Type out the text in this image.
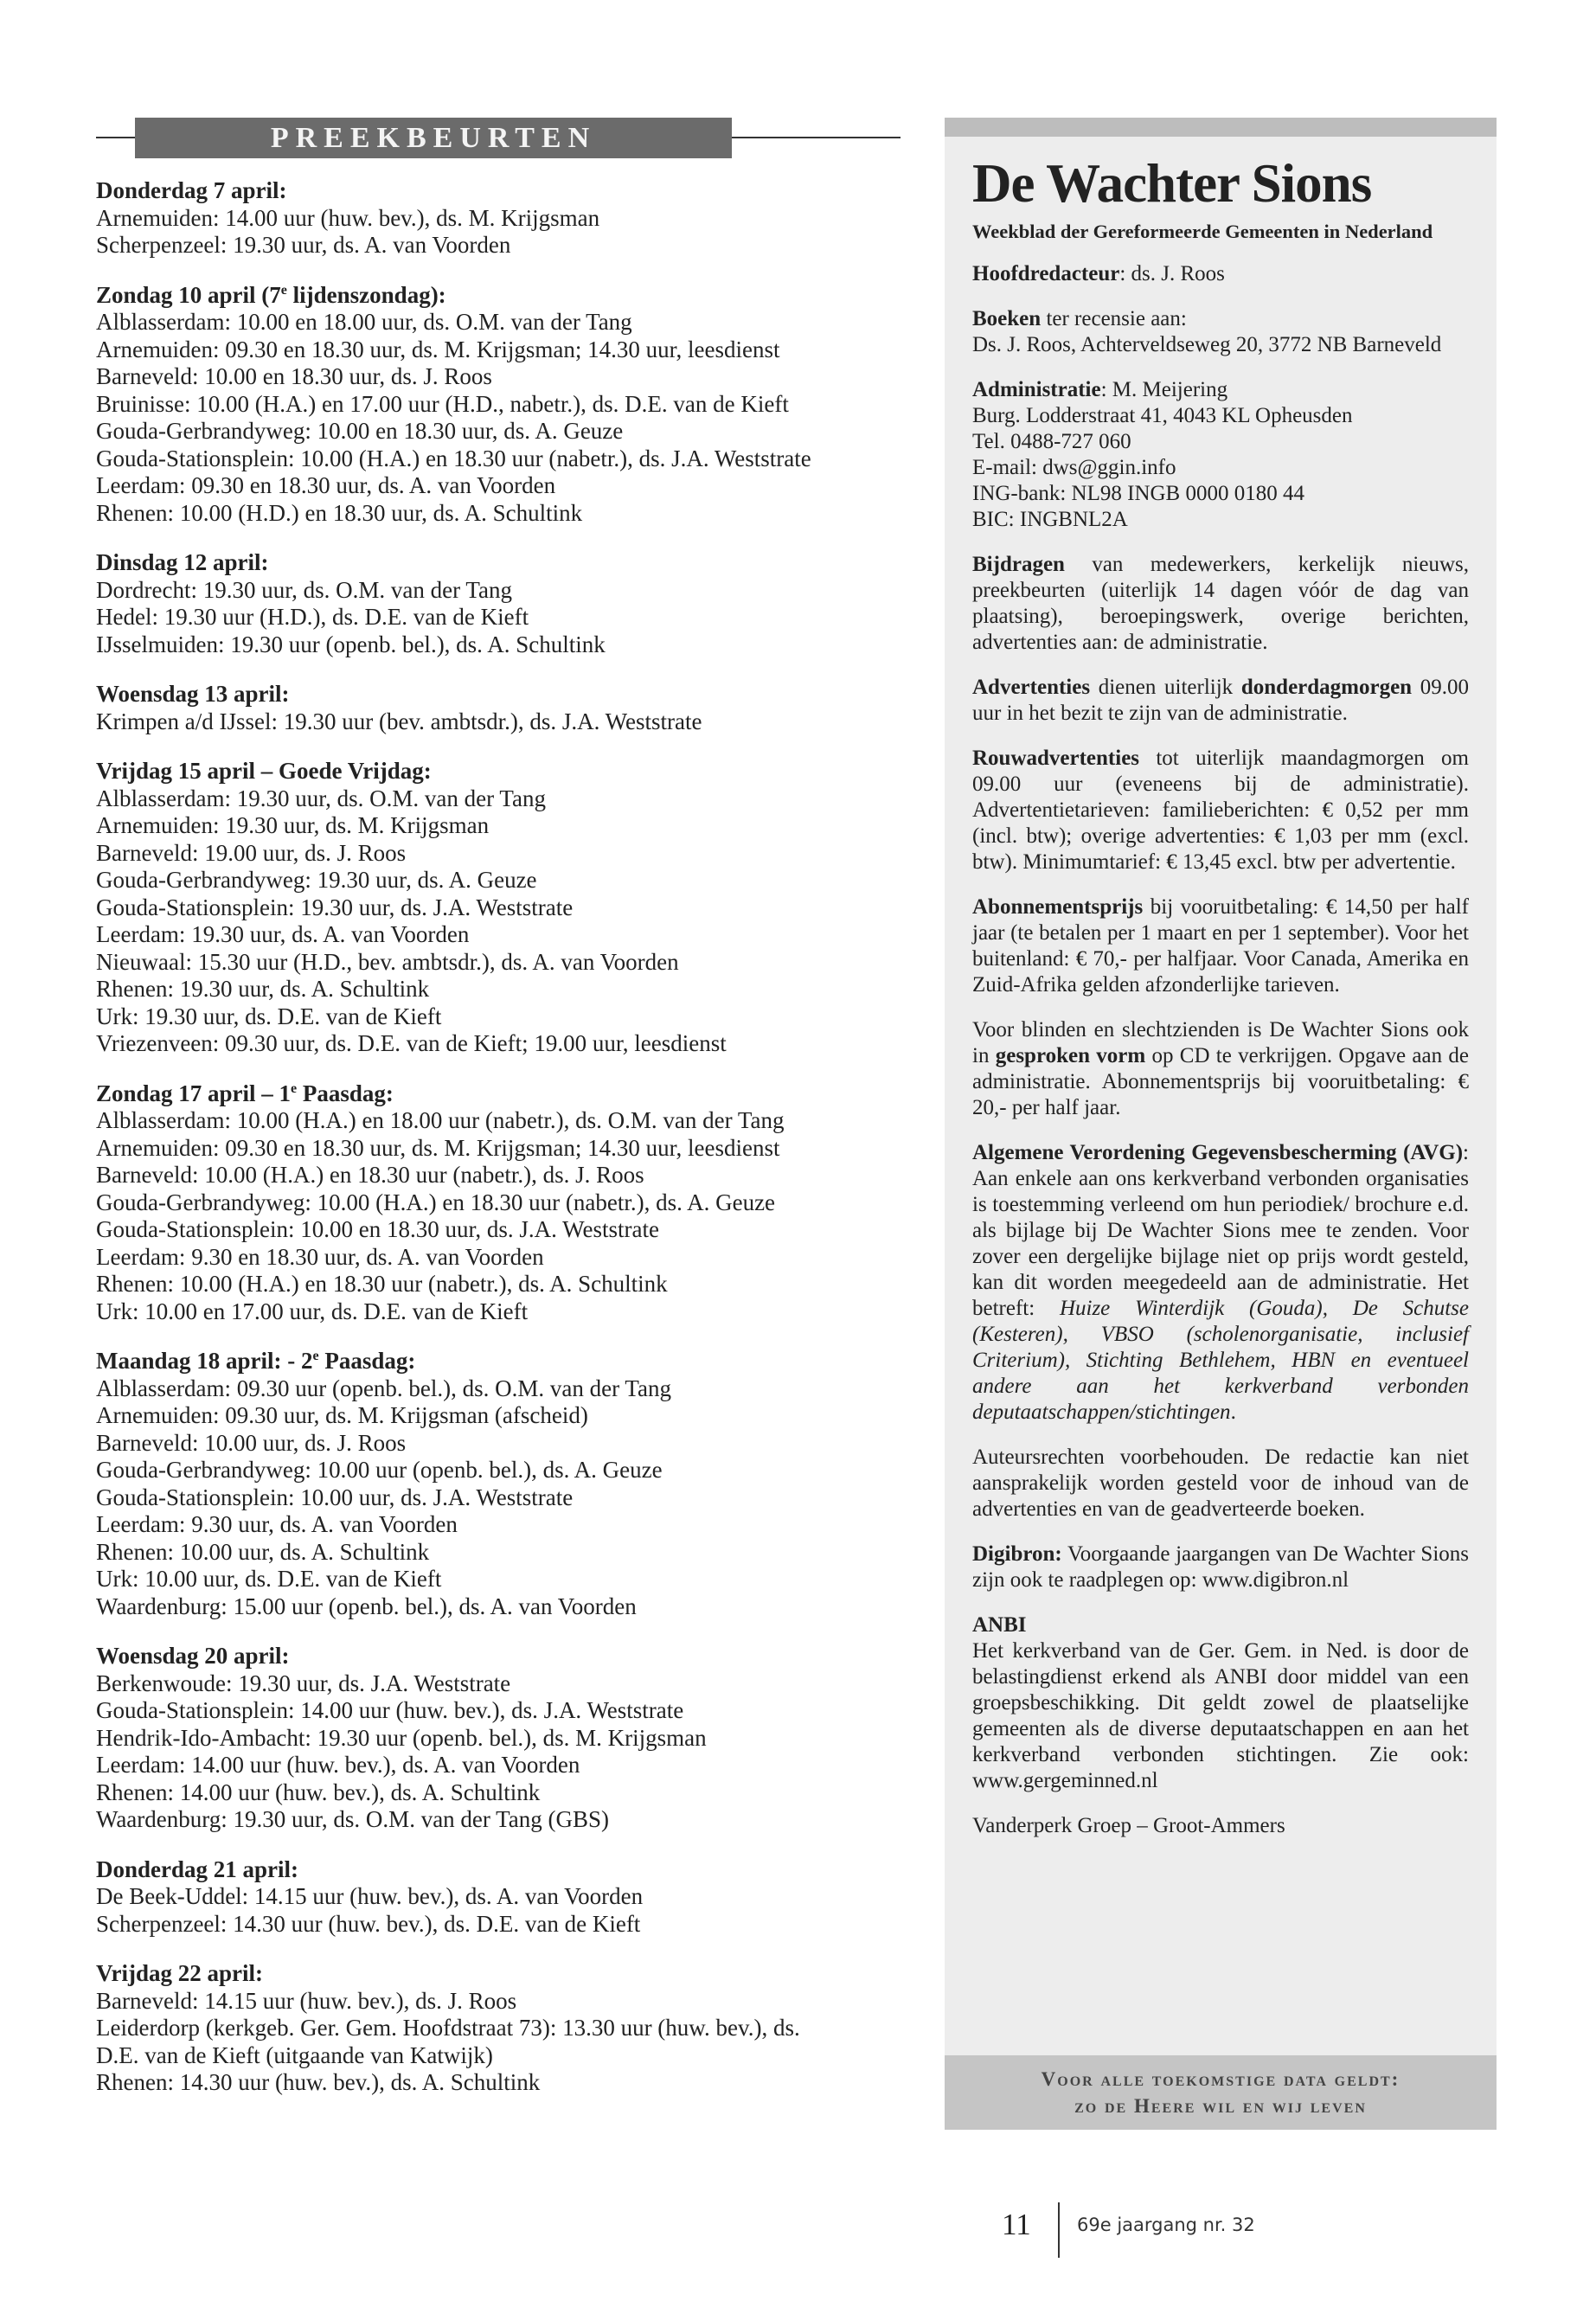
PREEKBEURTEN
Donderdag 7 april:
Arnemuiden: 14.00 uur (huw. bev.), ds. M. Krijgsman
Scherpenzeel: 19.30 uur, ds. A. van Voorden
Zondag 10 april (7e lijdenszondag):
Alblasserdam: 10.00 en 18.00 uur, ds. O.M. van der Tang
Arnemuiden: 09.30 en 18.30 uur, ds. M. Krijgsman; 14.30 uur, leesdienst
Barneveld: 10.00 en 18.30 uur, ds. J. Roos
Bruinisse: 10.00 (H.A.) en 17.00 uur (H.D., nabetr.), ds. D.E. van de Kieft
Gouda-Gerbrandyweg: 10.00 en 18.30 uur, ds. A. Geuze
Gouda-Stationsplein: 10.00 (H.A.) en 18.30 uur (nabetr.), ds. J.A. Weststrate
Leerdam: 09.30 en 18.30 uur, ds. A. van Voorden
Rhenen: 10.00 (H.D.) en 18.30 uur, ds. A. Schultink
Dinsdag 12 april:
Dordrecht: 19.30 uur, ds. O.M. van der Tang
Hedel: 19.30 uur (H.D.), ds. D.E. van de Kieft
IJsselmuiden: 19.30 uur (openb. bel.), ds. A. Schultink
Woensdag 13 april:
Krimpen a/d IJssel: 19.30 uur (bev. ambtsdr.), ds. J.A. Weststrate
Vrijdag 15 april – Goede Vrijdag:
Alblasserdam: 19.30 uur, ds. O.M. van der Tang
Arnemuiden: 19.30 uur, ds. M. Krijgsman
Barneveld: 19.00 uur, ds. J. Roos
Gouda-Gerbrandyweg: 19.30 uur, ds. A. Geuze
Gouda-Stationsplein: 19.30 uur, ds. J.A. Weststrate
Leerdam: 19.30 uur, ds. A. van Voorden
Nieuwaal: 15.30 uur (H.D., bev. ambtsdr.), ds. A. van Voorden
Rhenen: 19.30 uur, ds. A. Schultink
Urk: 19.30 uur, ds. D.E. van de Kieft
Vriezenveen: 09.30 uur, ds. D.E. van de Kieft; 19.00 uur, leesdienst
Zondag 17 april – 1e Paasdag:
Alblasserdam: 10.00 (H.A.) en 18.00 uur (nabetr.), ds. O.M. van der Tang
Arnemuiden: 09.30 en 18.30 uur, ds. M. Krijgsman; 14.30 uur, leesdienst
Barneveld: 10.00 (H.A.) en 18.30 uur (nabetr.), ds. J. Roos
Gouda-Gerbrandyweg: 10.00 (H.A.) en 18.30 uur (nabetr.), ds. A. Geuze
Gouda-Stationsplein: 10.00 en 18.30 uur, ds. J.A. Weststrate
Leerdam: 9.30 en 18.30 uur, ds. A. van Voorden
Rhenen: 10.00 (H.A.) en 18.30 uur (nabetr.), ds. A. Schultink
Urk: 10.00 en 17.00 uur, ds. D.E. van de Kieft
Maandag 18 april: - 2e Paasdag:
Alblasserdam: 09.30 uur (openb. bel.), ds. O.M. van der Tang
Arnemuiden: 09.30 uur, ds. M. Krijgsman (afscheid)
Barneveld: 10.00 uur, ds. J. Roos
Gouda-Gerbrandyweg: 10.00 uur (openb. bel.), ds. A. Geuze
Gouda-Stationsplein: 10.00 uur, ds. J.A. Weststrate
Leerdam: 9.30 uur, ds. A. van Voorden
Rhenen: 10.00 uur, ds. A. Schultink
Urk: 10.00 uur, ds. D.E. van de Kieft
Waardenburg: 15.00 uur (openb. bel.), ds. A. van Voorden
Woensdag 20 april:
Berkenwoude: 19.30 uur, ds. J.A. Weststrate
Gouda-Stationsplein: 14.00 uur (huw. bev.), ds. J.A. Weststrate
Hendrik-Ido-Ambacht: 19.30 uur (openb. bel.), ds. M. Krijgsman
Leerdam: 14.00 uur (huw. bev.), ds. A. van Voorden
Rhenen: 14.00 uur (huw. bev.), ds. A. Schultink
Waardenburg: 19.30 uur, ds. O.M. van der Tang (GBS)
Donderdag 21 april:
De Beek-Uddel: 14.15 uur (huw. bev.), ds. A. van Voorden
Scherpenzeel: 14.30 uur (huw. bev.), ds. D.E. van de Kieft
Vrijdag 22 april:
Barneveld: 14.15 uur (huw. bev.), ds. J. Roos
Leiderdorp (kerkgeb. Ger. Gem. Hoofdstraat 73): 13.30 uur (huw. bev.), ds.
D.E. van de Kieft (uitgaande van Katwijk)
Rhenen: 14.30 uur (huw. bev.), ds. A. Schultink
De Wachter Sions
Weekblad der Gereformeerde Gemeenten in Nederland
Hoofdredacteur: ds. J. Roos
Boeken ter recensie aan:
Ds. J. Roos, Achterveldseweg 20, 3772 NB Barneveld
Administratie: M. Meijering
Burg. Lodderstraat 41, 4043 KL Opheusden
Tel. 0488-727 060
E-mail: dws@ggin.info
ING-bank: NL98 INGB 0000 0180 44
BIC: INGBNL2A
Bijdragen van medewerkers, kerkelijk nieuws, preekbeurten (uiterlijk 14 dagen vóór de dag van plaatsing), beroepingswerk, overige berichten, advertenties aan: de administratie.
Advertenties dienen uiterlijk donderdagmorgen 09.00 uur in het bezit te zijn van de administratie.
Rouwadvertenties tot uiterlijk maandagmorgen om 09.00 uur (eveneens bij de administratie). Advertentietarieven: familieberichten: € 0,52 per mm (incl. btw); overige advertenties: € 1,03 per mm (excl. btw). Minimumtarief: € 13,45 excl. btw per advertentie.
Abonnementsprijs bij vooruitbetaling: € 14,50 per half jaar (te betalen per 1 maart en per 1 september). Voor het buitenland: € 70,- per halfjaar. Voor Canada, Amerika en Zuid-Afrika gelden afzonderlijke tarieven.
Voor blinden en slechtzienden is De Wachter Sions ook in gesproken vorm op CD te verkrijgen. Opgave aan de administratie. Abonnementsprijs bij vooruitbetaling: € 20,- per half jaar.
Algemene Verordening Gegevensbescherming (AVG): Aan enkele aan ons kerkverband verbonden organisaties is toestemming verleend om hun periodiek/ brochure e.d. als bijlage bij De Wachter Sions mee te zenden. Voor zover een dergelijke bijlage niet op prijs wordt gesteld, kan dit worden meegedeeld aan de administratie. Het betreft: Huize Winterdijk (Gouda), De Schutse (Kesteren), VBSO (scholenorganisatie, inclusief Criterium), Stichting Bethlehem, HBN en eventueel andere aan het kerkverband verbonden deputaatschappen/stichtingen.
Auteursrechten voorbehouden. De redactie kan niet aansprakelijk worden gesteld voor de inhoud van de advertenties en van de geadverteerde boeken.
Digibron: Voorgaande jaargangen van De Wachter Sions zijn ook te raadplegen op: www.digibron.nl
ANBI
Het kerkverband van de Ger. Gem. in Ned. is door de belastingdienst erkend als ANBI door middel van een groepsbeschikking. Dit geldt zowel de plaatselijke gemeenten als de diverse deputaatschappen en aan het kerkverband verbonden stichtingen. Zie ook: www.gergeminned.nl
Vanderperk Groep – Groot-Ammers
Voor alle toekomstige data geldt:
zo de Heere wil en wij leven
11	69e jaargang nr. 32
